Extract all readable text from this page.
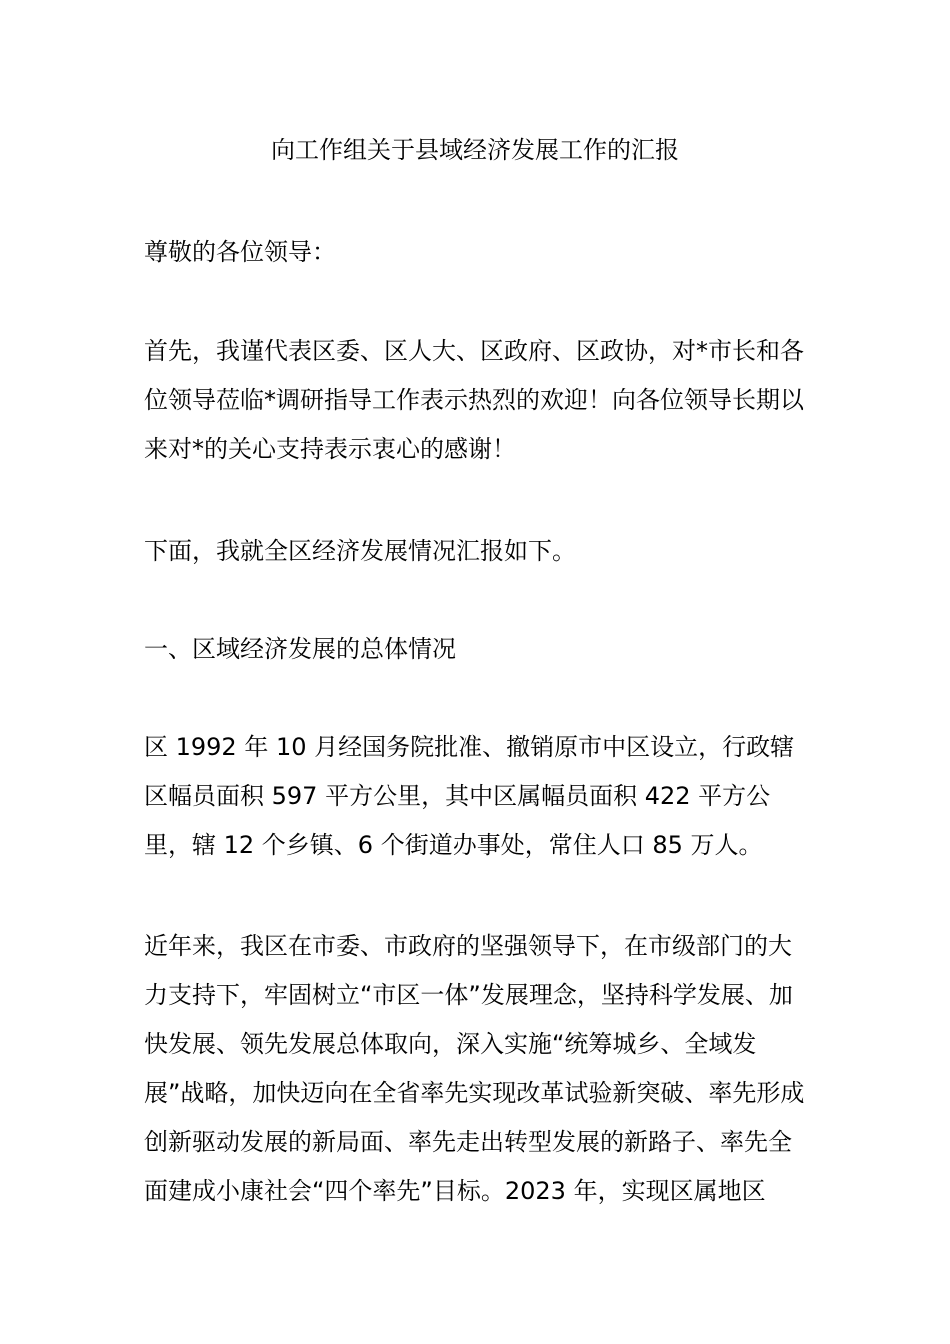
向工作组关于县域经济发展工作的汇报

尊敬的各位领导：

首先，我谨代表区委、区人大、区政府、区政协，对*市长和各位领导莅临*调研指导工作表示热烈的欢迎！向各位领导长期以来对*的关心支持表示衷心的感谢！

下面，我就全区经济发展情况汇报如下。

一、区域经济发展的总体情况

区 1992 年 10 月经国务院批准、撤销原市中区设立，行政辖区幅员面积 597 平方公里，其中区属幅员面积 422 平方公里，辖 12 个乡镇、6 个街道办事处，常住人口 85 万人。

近年来，我区在市委、市政府的坚强领导下，在市级部门的大力支持下，牢固树立“市区一体”发展理念，坚持科学发展、加快发展、领先发展总体取向，深入实施“统筹城乡、全域发展”战略，加快迈向在全省率先实现改革试验新突破、率先形成创新驱动发展的新局面、率先走出转型发展的新路子、率先全面建成小康社会“四个率先”目标。2023 年，实现区属地区
